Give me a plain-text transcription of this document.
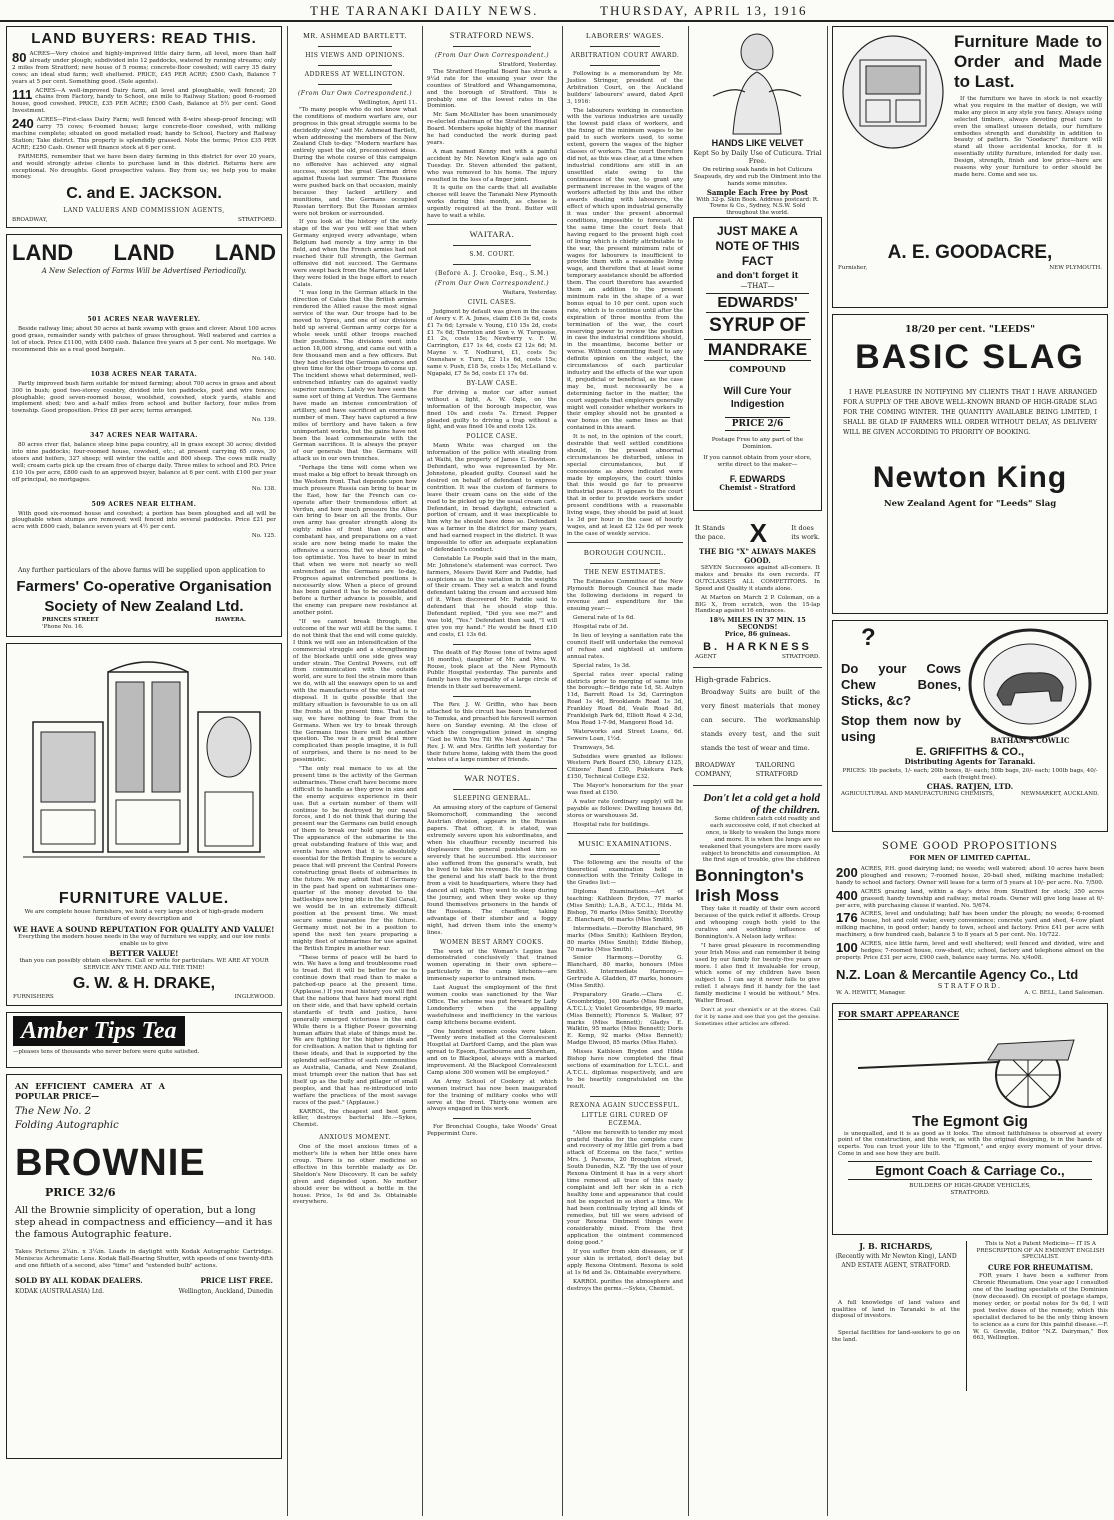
THE TARANAKI DAILY NEWS.	THURSDAY, APRIL 13, 1916
LAND BUYERS: READ THIS.
80 ACRES—Very choice and highly-improved little dairy farm, all level, more than half already under plough; subdivided into 12 paddocks, watered by running streams; only 2 miles from Stratford; new house of 5 rooms; concrete-floor cowshed; will carry 35 dairy cows; an ideal stud farm; well sheltered. PRICE, £45 PER ACRE; £500 Cash, Balance 7 years at 5 per cent. Something good. (Sole agents).
111 ACRES—A well-improved Dairy farm, all level and ploughable, well fenced; 20 chains from Factory, handy to School, one mile to Railway Station; good 6-roomed house, good cowshed. PRICE, £35 PER ACRE; £500 Cash, Balance at 5½ per cent. Good Investment.
240 ACRES—First-class Dairy Farm; well fenced with 8-wire sheep-proof fencing; will carry 75 cows; 6-roomed house; large concrete-floor cowshed, with milking machine complete; situated on good metalled road; handy to School, Factory and Railway Station; Take district. This property is splendidly grassed. Note the terms; Price £35 PER ACRE; £250 Cash. Owner will finance stock at 6 per cent.

FARMERS, remember that we have been dairy farming in this district for over 20 years, and would strongly advise clients to purchase land in this district. Returns here are exceptional. No droughts. Good prospective values. Buy from us; we help you to make money.

C. and E. JACKSON.
LAND VALUERS AND COMMISSION AGENTS,
BROADWAY,	STRATFORD.
LAND LAND LAND
A New Selection of Farms Will be Advertised Periodically.
501 ACRES NEAR WAVERLEY.

Beside railway line; about 50 acres at bank swamp with grass and clover. About 100 acres good grass, remainder sandy with patches of grass throughout. Well watered and carries a lot of stock. Price £1100, with £400 cash. Balance five years at 5 per cent. No mortgage. We recommend this as a real good bargain.

No. 140.
1038 ACRES NEAR TARATA.

Partly improved bush farm suitable for mixed farming; about 700 acres in grass and about 300 in bush; good two-storey country, divided into ten paddocks, post and wire fences; ploughable; good seven-roomed house, woolshed, cowshed, stock yards, stable and implement shed; two and a-half miles from school and butter factory, four miles from township. Good proposition. Price £8 per acre; terms arranged.

No. 139.
347 ACRES NEAR WAITARA.

80 acres river flat, balance steep bine papa country, all in grass except 30 acres; divided into nine paddocks; four-roomed house, cowshed, etc.; at present carrying 65 cows, 30 steers and heifers, 327 sheep; will winter the cattle and 800 sheep. The cows milk really well; cream carts pick up the cream free of charge daily. Three miles to school and P.O. Price £10 10s per acre, £800 cash to an approved buyer, balance at 6 per cent. with £100 per year off principal, no mortgages.

No. 138.
509 ACRES NEAR ELTHAM.

With good six-roomed house and cowshed; a portion has been ploughed and all will be ploughable when stumps are removed; well fenced into several paddocks. Price £21 per acre with £600 cash, balance seven years at 4½ per cent.

No. 125.

Any further particulars of the above farms will be supplied upon application to

Farmers' Co-operative Organisation
Society of New Zealand Ltd.
PRINCES STREET	HAWERA.
'Phone No. 16.
FURNITURE VALUE.

We are complete house furnishers, we hold a very large stock of high-grade modern furniture of every description and

WE HAVE A SOUND REPUTATION FOR QUALITY AND VALUE!

Everything the modern house needs in the way of furniture we supply, and our low rents enable us to give

BETTER VALUE!

than you can possibly obtain elsewhere. Call or write for particulars. WE ARE AT YOUR SERVICE ANY TIME AND ALL THE TIME!

G. W. & H. DRAKE,
FURNISHERS	INGLEWOOD.
Amber Tips Tea
—pleases tens of thousands who never before were quite satisfied.
AN EFFICIENT CAMERA AT A POPULAR PRICE—
The New No. 2
Folding Autographic
BROWNIE
PRICE 32/6
All the Brownie simplicity of operation, but a long step ahead in compactness and efficiency—and it has the famous Autographic feature.

Takes Pictures 2¼in. x 3¼in. Loads in daylight with Kodak Autographic Cartridge. Meniscus Achromatic Lens. Kodak Ball-Bearing Shutter, with speeds of one twenty-fifth and one fiftieth of a second, also "time" and "extended bulb" actions.

SOLD BY ALL KODAK DEALERS.	PRICE LIST FREE.
KODAK (AUSTRALASIA) Ltd.	Wellington, Auckland, Dunedin
MR. ASHMEAD BARTLETT.
HIS VIEWS AND OPINIONS.
ADDRESS AT WELLINGTON.
(From Our Own Correspondent.)
Wellington, April 11.

"To many people who do not know what the conditions of modern warfare are, our progress in this great struggle seems to be decidedly slow," said Mr. Ashmead Bartlett, when addressing the members of the New Zealand Club to-day. "Modern warfare has entirely upset the old, preconceived ideas. During the whole course of this campaign no offensive has achieved any signal success, except the great German drive against Russia last summer. The Russians were pushed back on that occasion, mainly because they lacked artillery and munitions, and the Germans occupied Russian territory. But the Russian armies were not broken or surrounded.

If you look at the history of the early stage of the war you will see that when Germany enjoyed every advantage, when Belgium had merely a tiny army in the field, and when the French armies had not reached their full strength, the German offensive did not succeed. The Germans were swept back from the Marne, and later they were foiled in the huge effort to reach Calais.

"I was long in the German attack in the direction of Calais that the British armies rendered the Allied cause the most signal service of the war. Our troops had to be moved to Ypres, and one of our divisions held up several German army corps for a whole week until other troops reached their positions. The divisions went into action 18,000 strong, and came out with a few thousand men and a few officers. But they had checked the German advance and given time for the other troops to come up. The incident shows what determined, well-entrenched infantry can do against vastly superior numbers. Lately we have seen the same sort of thing at Verdun. The Germans have made an intense concentration of artillery, and have sacrificed an enormous number of men. They have captured a few miles of territory and have taken a few unimportant works, but the gains have not been the least commensurate with the German sacrifices. It is always the prayer of our generals that the Germans will attack us in our own trenches.

"Perhaps the time will come when we must make a big effort to break through on the Western front. That depends upon how much pressure Russia can bring to bear in the East, how far the French can co-operate after their tremendous effort at Verdun, and how much pressure the Allies can bring to bear on all the fronts. Our own army has greater strength along its eighty miles of front than any other combatant has, and preparations on a vast scale are now being made to make the offensive a success. But we should not be too optimistic. You have to bear in mind that when we were not nearly so well entrenched as the Germans are to-day, Progress against entrenched positions is necessarily slow. When a piece of ground has been gained it has to be consolidated before a further advance is possible, and the enemy can prepare new resistance at another point.

"If we cannot break through, the outcome of the war will still be the same. I do not think that the end will come quickly. I think we will see an intensification of the commercial struggle and a strengthening of the blockade until one side gives way under strain. The Central Powers, cut off from communication with the outside world, are sure to feel the strain more than we do, with all the seaways open to us and with the manufactures of the world at our disposal. It is quite possible that the military situation is favourable to us on all the fronts at the present time. That is to say, we have nothing to fear from the Germans. When we try to break through the Germans lines there will be another question. The war is a great deal more complicated than people imagine, it is full of surprises, and there is no need to be pessimistic.

"The only real menace to us at the present time is the activity of the German submarines. These craft have become more difficult to handle as they grow in size and the enemy acquires experience in their use. But a certain number of them will continue to be destroyed by our naval forces, and I do not think that during the present war the Germans can build enough of them to break our hold upon the sea. The appearance of the submarine is the great outstanding feature of this war, and events have shown that it is absolutely essential for the British Empire to secure a peace that will prevent the Central Powers constructing great fleets of submarines in the future. We may admit that if Germany in the past had spent on submarines one-quarter of the money devoted to the battleships now lying idle in the Kiel Canal, we would be in an extremely difficult position at the present time. We must secure some guarantee for the future. Germany must not be in a position to spend the next ten years preparing a mighty fleet of submarines for use against the British Empire in another war.

"These terms of peace will be hard to win. We have a long and troublesome road to tread. But it will be better for us to continue down that road than to make a patched-up peace at the present time. (Applause.) If you read history you will find that the nations that have had moral right on their side, and that have upheld certain standards of truth and justice, have generally emerged victorious in the end. While there is a Higher Power governing human affairs that state of things must be. We are fighting for the higher ideals and for civilisation. A nation that is fighting for these ideals, and that is supported by the splendid self-sacrifice of such communities as Australia, Canada, and New Zealand, must triumph over the nation that has set itself up as the bully and pillager of small peoples, and that has re-introduced into warfare the practices of the most savage races of the past." (Applause.)

KARROL, the cheapest and best germ killer, destroys bacterial life.—Sykes, Chemist.

ANXIOUS MOMENT.

One of the most anxious times of a mother's life is when her little ones have croup. There is no other medicine so effective in this terrible malady as Dr. Sheldon's New Discovery. It can be safely given and depended upon. No mother should ever be without a bottle in the house. Price, 1s 6d and 3s. Obtainable everywhere.

STRATFORD NEWS.
(From Our Own Correspondent.)
Stratford, Yesterday.

The Stratford Hospital Board has struck a 9¼d rate for the ensuing year over the counties of Stratford and Whangamomona, and the borough of Stratford. This is probably one of the lowest rates in the Dominion.

Mr. Sam McAllister has been unanimously re-elected chairman of the Stratford Hospital Board. Members spoke highly of the manner he had conducted the work during past years.

A man named Kenny met with a painful accident by Mr. Newton King's sale ago on Tuesday. Dr. Steven attended the patient, who was removed to his home. The injury resulted in the loss of a finger joint.

It is quite on the cards that all available cheese will leave the Taranaki New Plymouth works during this month, as cheese is urgently required at the front. Butter will have to wait a while.

WAITARA.
S.M. COURT.
(Before A. J. Crooke, Esq., S.M.)
(From Our Own Correspondent.)
Waitara, Yesterday.
CIVIL CASES.

Judgment by default was given in the cases of Avery v. F. A. Jones, claim £16 3s 6d, costs £1 7s 6d; Lyrsale v. Young, £10 15s 2d, costs £1 7s 6d; Thornton and Son v. W. Turquoise, £1 2s, costs 15s; Newberry v. F. W. Carrington, £17 1s 4d, costs £2 12s 6d; M. Mayne v. T. Nodhurst, £1, costs 5s; Oxenshaw v. Turn, £2 11s 6d, costs 15s; same v. Push, £18 5s, costs 15s; McLelland v. Ngapaki, £7 5s 5d, costs £1 17s 6d.

BY-LAW CASE.

For driving a motor car after sunset without a light, A. W. Ogle, on the information of the borough inspector, was fined 10s and costs 7s. Ernest Pepper pleaded guilty to driving a trap without a light, and was fined 10s and costs 12s.

POLICE CASE.

Mann White was charged on the information of the police with stealing from at Waihi, the property of James C. Davidson. Defendant, who was represented by Mr. Johnstone, pleaded guilty. Counsel said he desired on behalf of defendant to express contrition. It was the custom of farmers to leave their cream cans on the side of the road to be picked up by the usual cream cart. Defendant, in broad daylight, extracted a portion of cream, and it was inexplicable to him why he should have done so. Defendant was a farmer in the district for many years, and had earned respect in the district. It was impossible to offer an adequate explanation of defendant's conduct.

Constable Le Pouple said that in the main, Mr. Johnstone's statement was correct. Two farmers, Messrs David Kerr and Paddie, had suspicions as to the variation in the weights of their cream. They set a watch and found defendant taking the cream and accused him of it. When discovered Mr. Paddie said to defendant that he should stop this. Defendant replied, "Did you see me?" and was told, "Yes." Defendant then said, "I will give you my hand." He would be fined £10 and costs, £1 13s 6d.

The death of Fay Rouse (one of twins aged 16 months), daughter of Mr. and Mrs. W. Rouse, took place at the New Plymouth Public Hospital yesterday. The parents and family have the sympathy of a large circle of friends in their sad bereavement.

The Rev. J. W. Griffin, who has been attached to this circuit has been transferred to Temuka, and preached his farewell sermon here on Sunday evening. At the close of which the congregation joined in singing "God be With You Till We Meet Again." The Rev. J. W. and Mrs. Griffin left yesterday for their future home, taking with them the good wishes of a large number of friends.

WAR NOTES.
SLEEPING GENERAL.

An amusing story of the capture of General Skomorochoff, commanding the second Austrian division, appears in the Russian papers. That officer, it is stated, was extremely severe upon his subordinates, and when his chauffeur recently incurred his displeasure the general punished him so severely that he succumbed. His successor also suffered from the general's wrath, but he lived to take his revenge. He was driving the general and his staff back to the front from a visit to headquarters, where they had danced all night. They went to sleep during the journey, and when they woke up they found themselves prisoners in the hands of the Russians. The chauffeur, taking advantage of their slumber and a foggy night, had driven them into the enemy's lines.

WOMEN BEST ARMY COOKS.

The work of the Woman's Legion has demonstrated conclusively that trained women operating in their own sphere—particularly in the camp kitchens—are immensely superior to untrained men.

Last August the employment of the first women cooks was sanctioned by the War Office. The scheme was put forward by Lady Londonderry when the appalling wastefulness and inefficiency in the various camp kitchens became evident.

One hundred women cooks were taken. "Twenty were installed at the Convalescent Hospital at Dartford Camp, and the plan was spread to Epsom, Eastbourne and Shoreham, and on to Blackpool, always with a marked improvement. At the Blackpool Convalescent Camp alone 300 women will be employed."

An Army School of Cookery at which women instruct has now been inaugurated for the training of military cooks who will serve at the front. Thirty-one women are always engaged in this work.

For Bronchial Coughs, take Woods' Great Peppermint Cure.

LABORERS' WAGES.
ARBITRATION COURT AWARD.

Following is a memorandum by Mr. Justice Stringer, president of the Arbitration Court, on the Auckland builders' labourers' award, dated April 3, 1916:

The labourers working in connection with the various industries are usually the lowest paid class of workers, and the fixing of the minimum wages to be paid to such workers used, to some extent, govern the wages of the higher classes of workers. The court therefore did not, as this was clear, at a time when industrial conditions are still in an unsettled state owing to the continuance of the war, to grant any permanent increase in the wages of the workers affected by this and the other awards dealing with labourers, the effect of which upon industrial generally it was under the present abnormal conditions, impossible to forecast. At the same time the court feels that having regard to the present high cost of living which is chiefly attributable to the war, the present minimum rate of wages for labourers is insufficient to provide them with a reasonable living wage, and therefore that at least some temporary assistance should be afforded them. The court therefore has awarded them an addition to the present minimum rate in the shape of a war bonus equal to 10 per cent. upon such rate, which is to continue until after the expiration of three months from the termination of the war, the court reserving power to review the position in case the industrial conditions should, in the meantime, become better or worse. Without committing itself to any definite opinion on the subject, the circumstances of each particular industry and the effects of the war upon it, prejudicial or beneficial, as the case may be, must necessarily be a determining factor in the matter, the court suggests that employers generally might well consider whether workers in their employ should not be granted a war bonus on the same lines as that contained in this award.

It is not, in the opinion of the court, desirable that well settled conditions should, in the present abnormal circumstances be disturbed, unless in special circumstances, but if concessions as above indicated were made by employers, the court thinks that this would go far to preserve industrial peace. It appears to the court that in order to provide workers under present conditions with a reasonable living wage, they should be paid at least 1s 3d per hour in the case of hourly wages, and at least £2 12s 6d per week in the case of weekly service.

BOROUGH COUNCIL.
THE NEW ESTIMATES.

The Estimates Committee of the New Plymouth Borough Council has made the following decisions in regard to revenue and expenditure for the ensuing year:—

General rate of 1s 6d.

Hospital rate of 3d.

In lieu of levying a sanitation rate the council itself will undertake the removal of refuse and nightsoil at uniform annual rates.

Special rates, 1s 3d.

Special rates over special rating districts prior to merging of same into the borough:—Bridge rate 1d, St. Aubyn 11d, Barrett Road 1s 3d, Carrington Road 1s 4d, Brooklands Road 1s 3d, Frankley Road 8d, Veale Road 8d, Frankleigh Park 6d, Elliott Road 4 2-3d, Moa Road 1-7-9d, Mangorei Road 1d.

Waterworks and Street Loans, 6d. Sewers Loan, 1½d.

Tramways, 5d.

Subsidies were granted as follows: Western Park Board £50, Library £125, Citizens' Band £30, Pukekura Park £150, Technical College £32.

The Mayor's honorarium for the year was fixed at £150.

A water rate (ordinary supply) will be payable as follows: Dwelling houses 8d, stores or warehouses 3d.

Hospital rate for buildings.

MUSIC EXAMINATIONS.

The following are the results of the theoretical examination held in connection with the Trinity College in the Grades list:—

Diploma Examinations.—Art of teaching: Kathleen Brydon, 77 marks (Miss Smith); L.A.B., A.T.C.L., Hilda M. Bishop, 76 marks (Miss Smith); Dorothy E. Blanchard, 66 marks (Miss Smith).

Intermediate.—Dorothy Blanchard, 96 marks (Miss Smith); Kathleen Brydon, 80 marks (Miss Smith); Eddie Bishop, 70 marks (Miss Smith).

Senior Harmony.—Dorothy G. Blanchard, 80 marks, honours (Miss Smith). Intermediate Harmony.—Gertrude A. Gladden, 87 marks, honours (Miss Smith).

Preparatory Grade.—Clara C. Groombridge, 100 marks (Miss Bennett, A.T.C.L.); Violet Groombridge, 99 marks (Miss Bennett); Florence S. Walker, 97 marks (Miss Bennett); Gladys E. Walklin, 95 marks (Miss Bennett); Doris E. Kemp, 92 marks (Miss Bennett); Madge Elwood, 85 marks (Miss Hahn).

Misses Kathleen Brydon and Hilda Bishop have now completed the final sections of examination for L.T.C.L. and A.T.C.L. diplomas respectively, and are to be heartily congratulated on the result.

REXONA AGAIN SUCCESSFUL.
LITTLE GIRL CURED OF ECZEMA.

"Allow me herewith to tender my most grateful thanks for the complete cure and recovery of my little girl from a bad attack of Eczema on the face," writes Mrs. J. Parsons, 20 Broughton street, South Dunedin, N.Z. "By the use of your Rexona Ointment it has in a very short time removed all trace of this nasty complaint and left her skin in a rich healthy tone and appearance that could not be expected in so short a time. We had been continually trying all kinds of remedies, but till we were advised of your Rexona Ointment things were considerably mixed. From the first application the ointment commenced doing good."

If you suffer from skin diseases, or if your skin is irritated, don't delay but apply Rexona Ointment. Rexona is sold at 1s 6d and 3s. Obtainable everywhere.

KARROL purifies the atmosphere and destroys the germs.—Sykes, Chemist.

HANDS LIKE VELVET
Kept So by Daily Use of Cuticura. Trial Free.

On retiring soak hands in hot Cuticura Soapsuds, dry and rub the Ointment into the hands some minutes.

Sample Each Free by Post

With 32-p. Skin Book. Address postcard: R. Towns & Co., Sydney, N.S.W. Sold throughout the world.

JUST MAKE A NOTE OF THIS FACT
and don't forget it
—THAT—
EDWARDS'
SYRUP OF
MANDRAKE
COMPOUND
Will Cure Your Indigestion
PRICE 2/6
Postage Free to any part of the Dominion.
If you cannot obtain from your store, write direct to the maker—
F. EDWARDS
Chemist - Stratford
It Stands
the pace. X	It does
its work.
THE BIG "X" ALWAYS MAKES GOOD.

SEVEN Successes against all-comers. It makes and breaks its own records. IT OUTCLASSES ALL COMPETITORS. In Speed and Quality it stands alone.

At Marton on March 2 P. Coleman, on a BIG X, from scratch, won the 15-lap Handicap against 16 entrances.

18¾ MILES IN 37 MIN. 15 SECONDS!
Price, 86 guineas.
B. HARKNESS
AGENT	STRATFORD.
High-grade Fabrics.
Broadway Suits are built of the very finest materials that money can secure. The workmanship stands every test, and the suit stands the test of wear and time.
BROADWAY COMPANY,
TAILORING STRATFORD
Don't let a cold get a hold of the children.

Some children catch cold readily and each successive cold, if not checked at once, is likely to weaken the lungs more and more. It is when the lungs are so weakened that youngsters are more easily subject to bronchitis and consumption. At the first sign of trouble, give the children

Bonnington's Irish Moss

They take it readily of their own accord because of the quick relief it affords. Croup and whooping cough both yield to the curative and soothing influence of Bonnington's. A Nelson lady writes:

"I have great pleasure in recommending your Irish Moss and can remember it being used by our family for twenty-five years or more. I also find it invaluable for croup, which some of my children have been subject to. I can say it never fails to give relief. I always find it handy for the last family medicine I would be without." Mrs. Walter Broad.

Don't at your chemist's or at the stores. Call for it by name and see that you get the genuine. Sometimes other articles are offered.

Furniture Made to Order and Made to Last.

If the furniture we have in stock is not exactly what you require in the matter of design, we will make any piece in any style you fancy. Always using selected timbers, always devoting great care to even the smallest unseen details, our furniture embodies strength and durability in addition to beauty of pattern. So "Goodacre" furniture will stand all those accidental knocks, for it is essentially utility furniture, intended for daily use. Design, strength, finish and low price—here are reasons why your furniture to order should be made here. Come and see us.

A. E. GOODACRE,
Furnisher,	NEW PLYMOUTH.
18/20 per cent. "LEEDS"
BASIC SLAG

I HAVE PLEASURE IN NOTIFYING MY CLIENTS THAT I HAVE ARRANGED FOR A SUPPLY OF THE ABOVE WELL-KNOWN BRAND OF HIGH-GRADE SLAG FOR THE COMING WINTER. THE QUANTITY AVAILABLE BEING LIMITED, I SHALL BE GLAD IF FARMERS WILL ORDER WITHOUT DELAY, AS DELIVERY WILL BE GIVEN ACCORDING TO PRIORITY OF BOOKING.

Newton King
New Zealand Agent for "Leeds" Slag
?
Do your Cows Chew Bones, Sticks, &c?
Stop them now by using	BATHAM'S COWLIC
E. GRIFFITHS & CO.,
Distributing Agents for Taranaki.

PRICES: 1lb packets, 1/- each; 20lb boxes, 8/- each; 50lb bags, 20/- each; 100lb bags, 40/- each (freight free).

CHAS. RATJEN, LTD.
AGRICULTURAL AND MANUFACTURING CHEMISTS,	NEWMARKET, AUCKLAND.
SOME GOOD PROPOSITIONS
FOR MEN OF LIMITED CAPITAL.
200 ACRES, P.H. good dairying land; no weeds; well watered; about 10 acres have been ploughed and resown; 7-roomed house, 20-bail shed, milking machine installed; handy to school and factory. Owner will lease for a term of 5 years at 10/- per acre. No. 7/500.
400 ACRES grazing land, within a day's drive from Stratford for stock; 350 acres grassed; handy township and railway; metal roads. Owner will give long lease at 6/- per acre, with purchasing clause if wanted. No. 5/674.
176 ACRES, level and undulating; half has been under the plough; no weeds; 6-roomed house, hot and cold water, every convenience; concrete yard and shed, 4-cow plant milking machine, in good order; handy to town, school and factory. Price £41 per acre with machinery, a few hundred cash, balance 5 to 8 years at 5 per cent. No. 10/722.
100 ACRES, nice little farm, level and well sheltered; well fenced and divided, wire and hedges; 7-roomed house, cow-shed, etc; school, factory and telephone almost on the property. Price £31 per acre, £900 cash, balance easy terms. No. x/4o08.
N.Z. Loan & Mercantile Agency Co., Ltd
STRATFORD.
W. A. HEWITT, Manager.	A. C. BELL, Land Salesman.
FOR SMART APPEARANCE
The Egmont Gig

is unequalled, and it is as good as it looks. The utmost faithfulness is observed at every point of the construction, and this work, as with the original designing, is in the hands of experts. You can trust your life to the "Egmont," and enjoy every moment of your drive. Come in and see how they are built.

Egmont Coach & Carriage Co.,
BUILDERS OF HIGH-GRADE VEHICLES,
STRATFORD.
J. B. RICHARDS,

(Recently with Mr Newton King), LAND AND ESTATE AGENT, STRATFORD.

A full knowledge of land values and qualities of land in Taranaki is at the disposal of investors.

Special facilities for land-seekers to go on the land.

This is Not a Patent Medicine— IT IS A PRESCRIPTION OF AN EMINENT ENGLISH SPECIALIST.

CURE FOR RHEUMATISM.

FOR years I have been a sufferer from Chronic Rheumatism. One year ago I consulted one of the leading specialists of the Dominion (now deceased). On receipt of postage stamps, money order, or postal notes for 5s 6d, I will post twelve doses of the remedy, which this specialist declared to be the only thing known to science as a cure for this painful disease.—F. W. G. Greville, Editor "N.Z. Dairyman," Box 663, Wellington.
